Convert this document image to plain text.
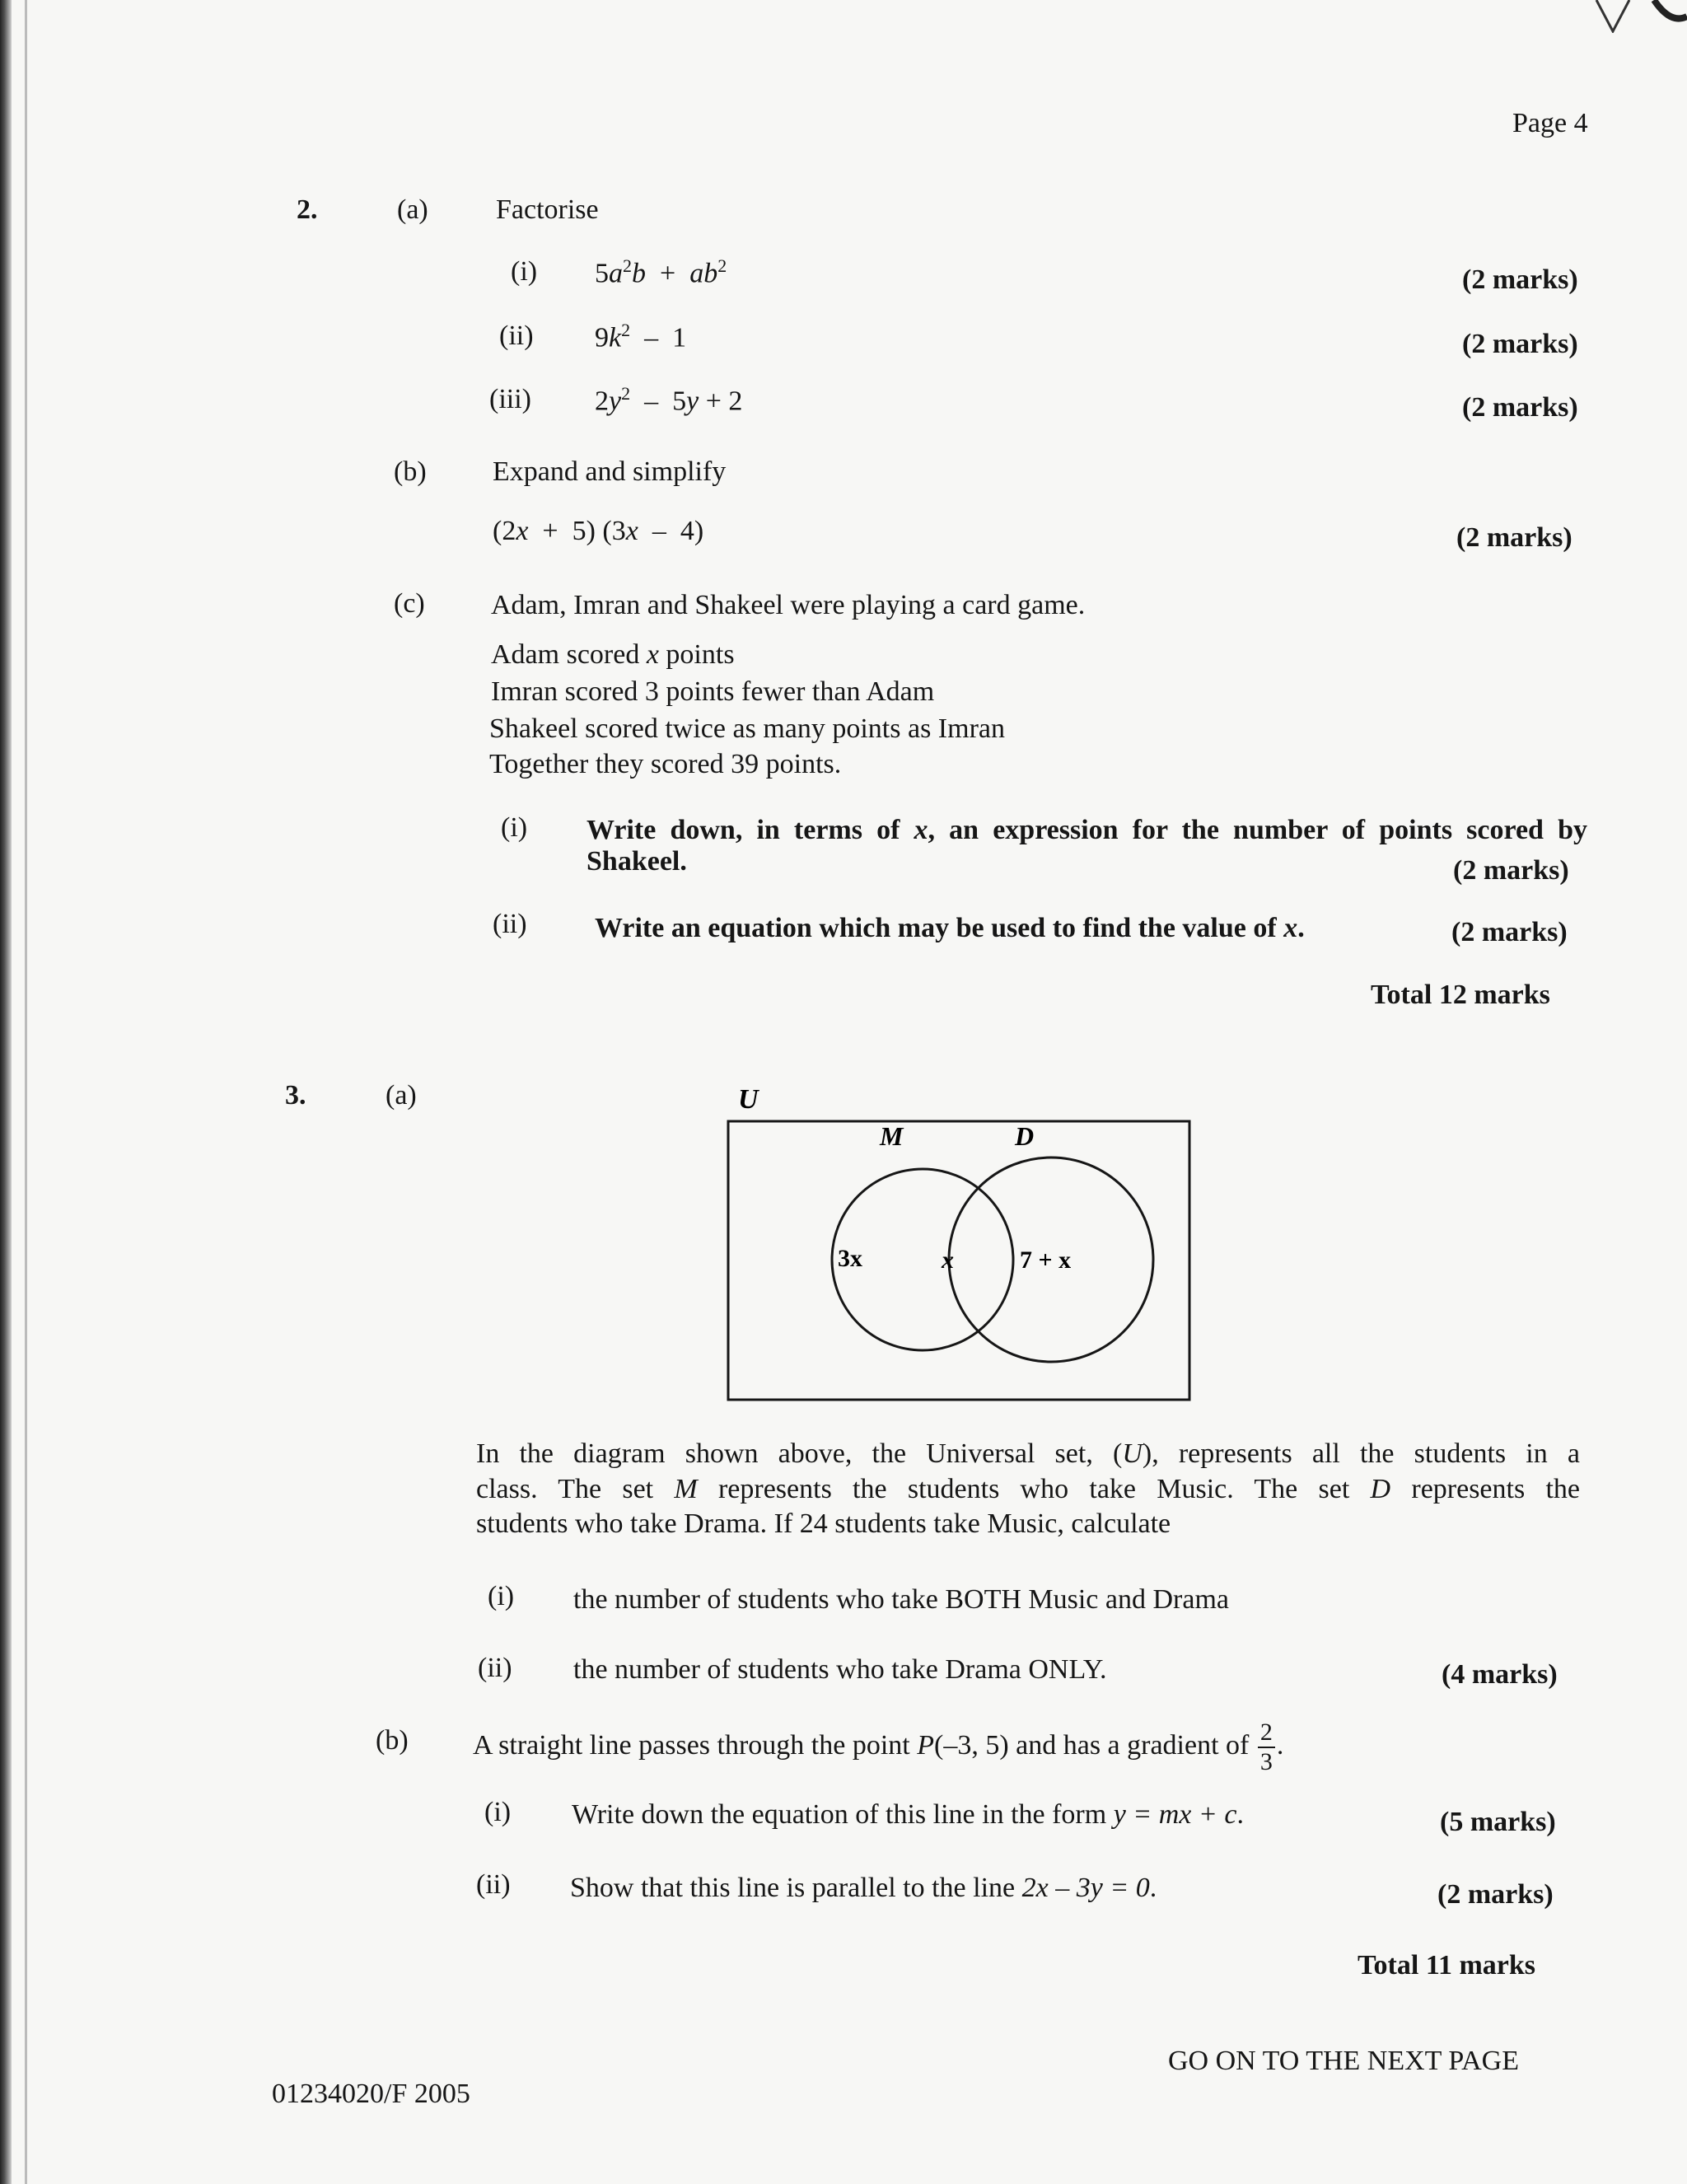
Page 4
2.	(a) Factorise
(i) $5a^2b + ab^2$	(2 marks)
(ii) $9k^2 - 1$	(2 marks)
(iii) $2y^2 - 5y + 2$	(2 marks)
(b) Expand and simplify
(2x  +  5) (3x  –  4)	(2 marks)
(c) Adam, Imran and Shakeel were playing a card game.
Adam scored x points
Imran scored 3 points fewer than Adam
Shakeel scored twice as many points as Imran
Together they scored 39 points.
(i) Write down, in terms of x, an expression for the number of points scored by
Shakeel.	(2 marks)
(ii) Write an equation which may be used to find the value of x.	(2 marks)
Total 12 marks
3.	(a)	U
M	D
3x	x	7 + x
In the diagram shown above, the Universal set, (U), represents all the students in a
class. The set M represents the students who take Music. The set D represents the
students who take Drama. If 24 students take Music, calculate
(i) the number of students who take BOTH Music and Drama
(ii) the number of students who take Drama ONLY.	(4 marks)
(b) A straight line passes through the point P(–3, 5) and has a gradient of $\frac{2}{3}$ .
(i) Write down the equation of this line in the form y = mx + c.	(5 marks)
(ii) Show that this line is parallel to the line 2x – 3y = 0.	(2 marks)
Total 11 marks
GO ON TO THE NEXT PAGE
01234020/F 2005
